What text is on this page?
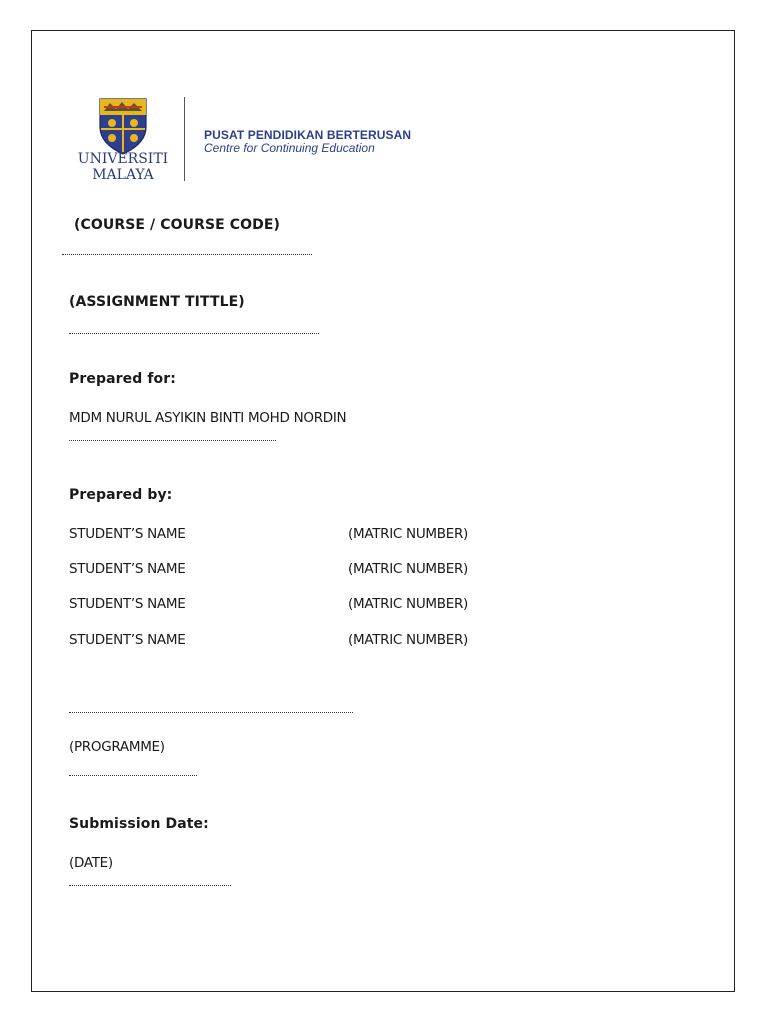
UNIVERSITI
MALAYA
PUSAT PENDIDIKAN BERTERUSAN
Centre for Continuing Education
(COURSE / COURSE CODE)
(ASSIGNMENT TITTLE)
Prepared for:
MDM NURUL ASYIKIN BINTI MOHD NORDIN
Prepared by:
STUDENT’S NAME	(MATRIC NUMBER)
STUDENT’S NAME	(MATRIC NUMBER)
STUDENT’S NAME	(MATRIC NUMBER)
STUDENT’S NAME	(MATRIC NUMBER)
(PROGRAMME)
Submission Date:
(DATE)
